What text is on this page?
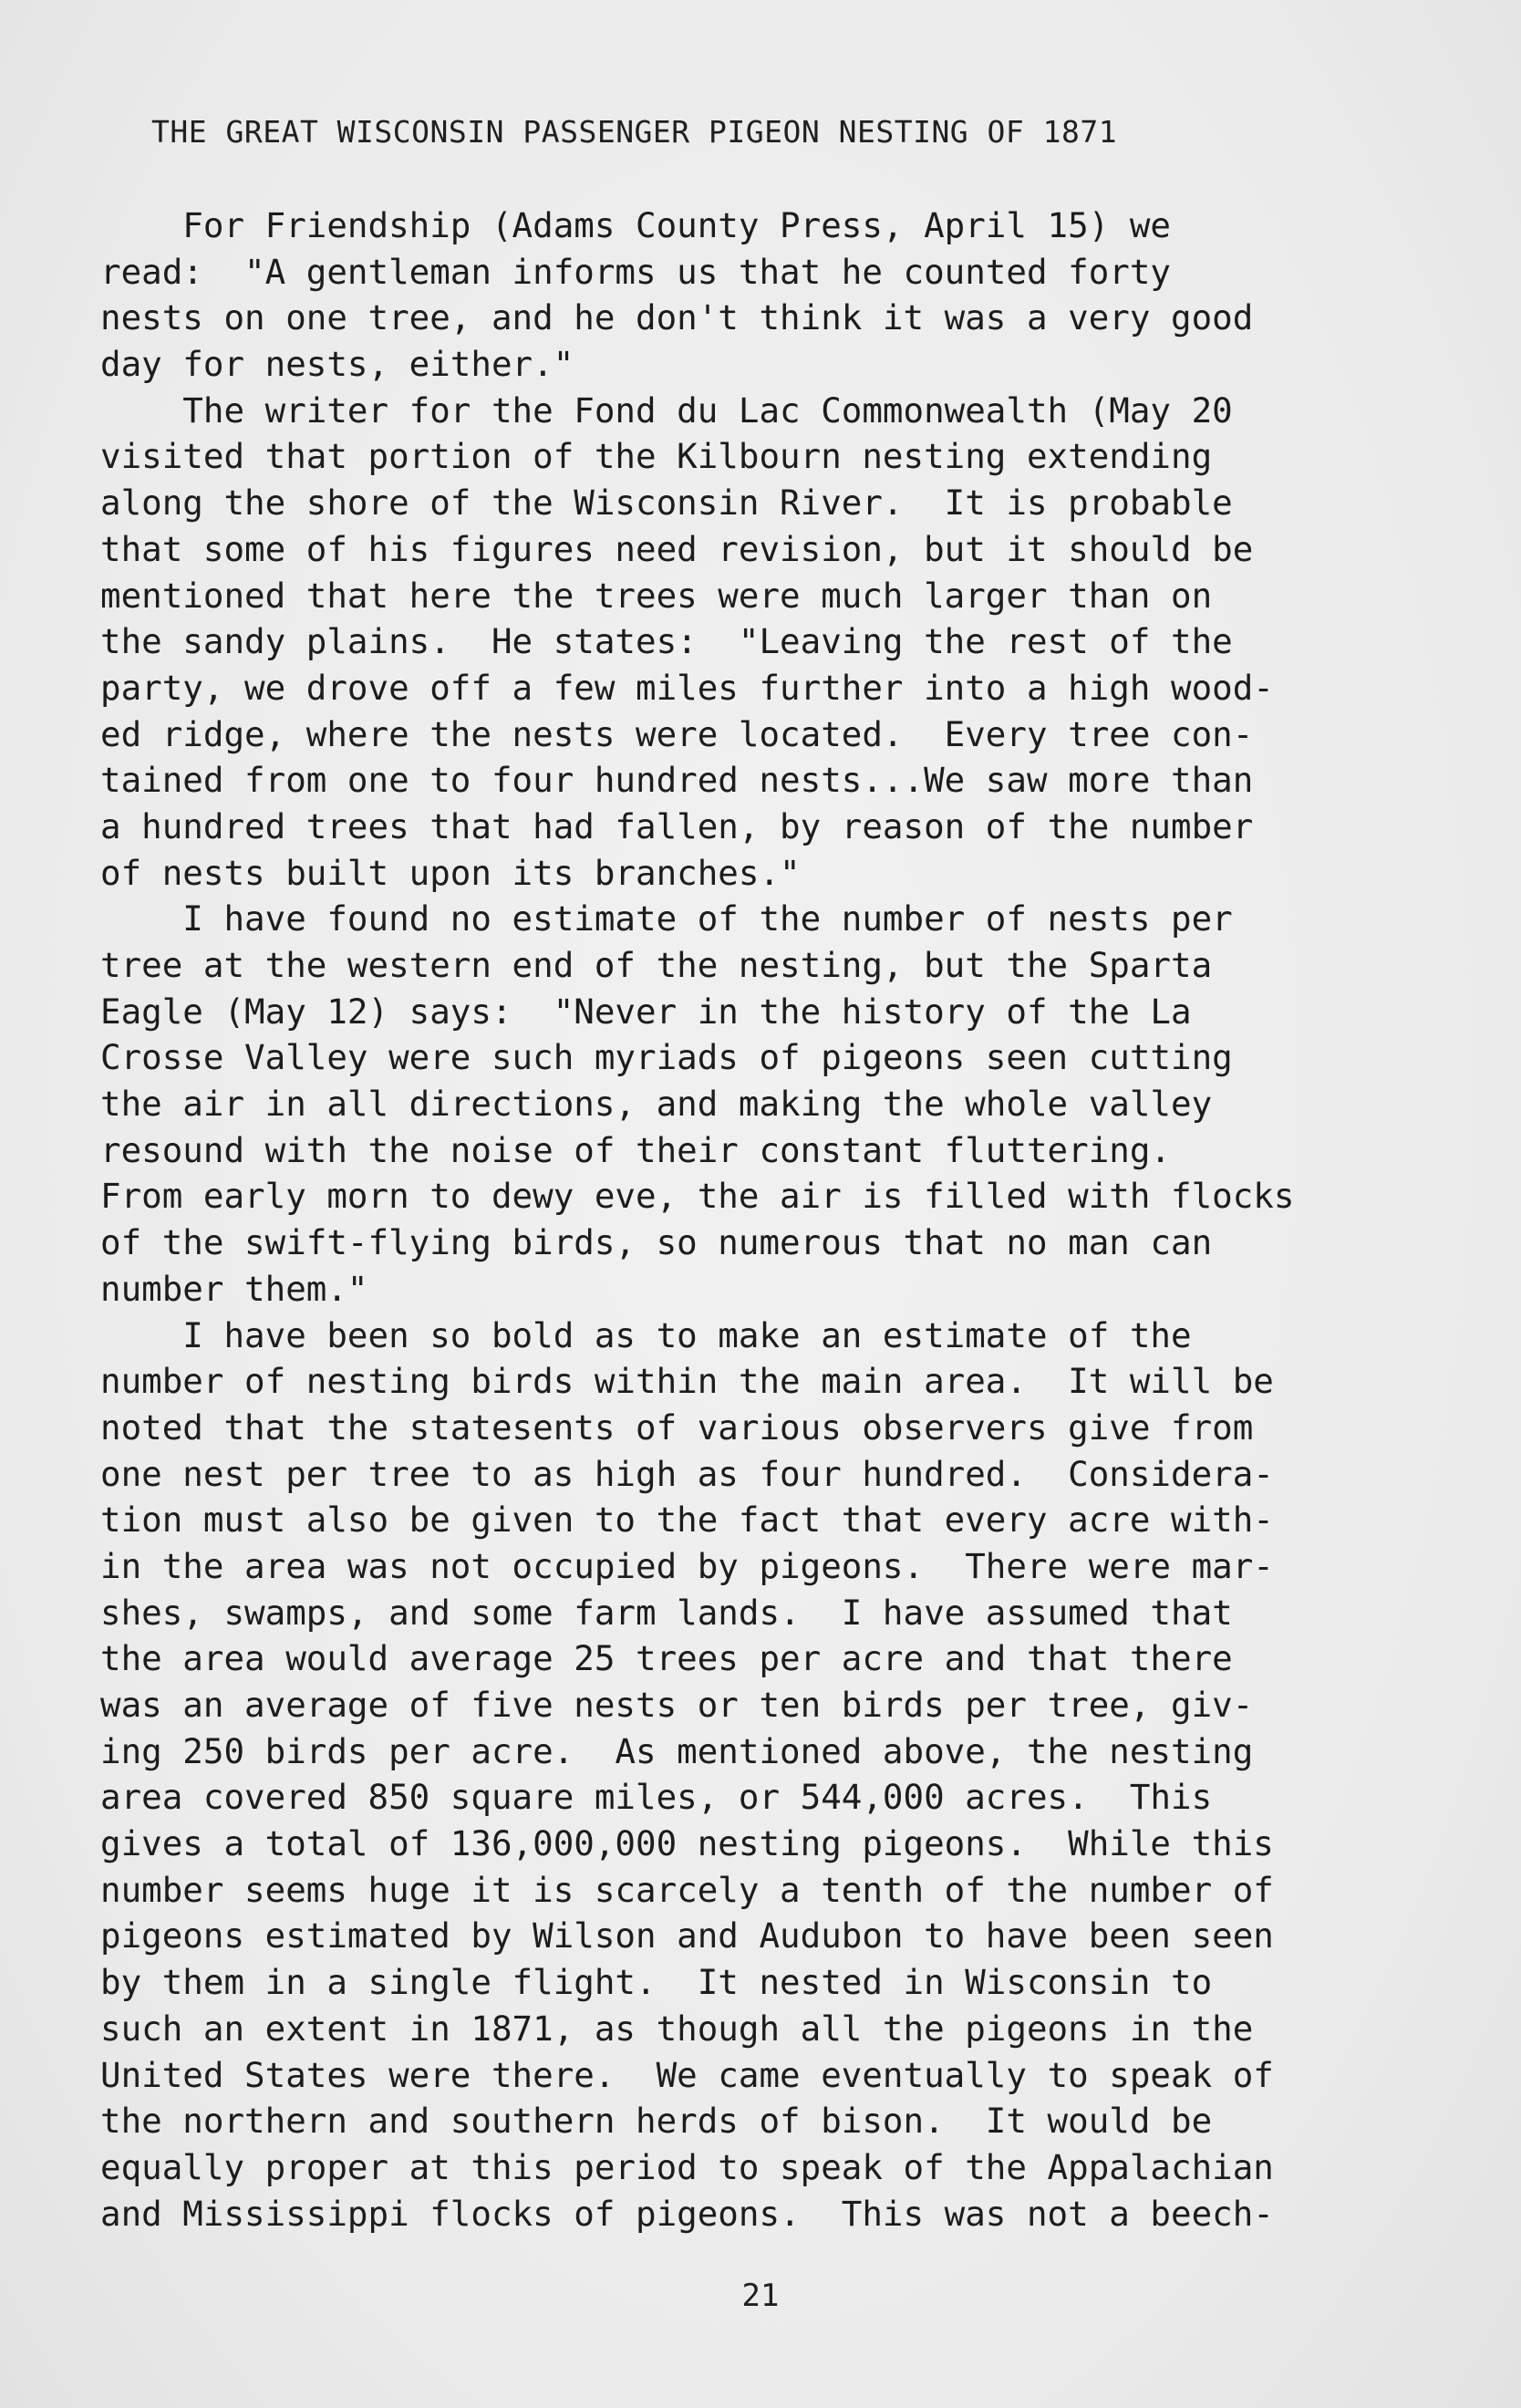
THE GREAT WISCONSIN PASSENGER PIGEON NESTING OF 1871
For Friendship (Adams County Press, April 15) we
read:  "A gentleman informs us that he counted forty
nests on one tree, and he don't think it was a very good
day for nests, either."
The writer for the Fond du Lac Commonwealth (May 20
visited that portion of the Kilbourn nesting extending
along the shore of the Wisconsin River.  It is probable
that some of his figures need revision, but it should be
mentioned that here the trees were much larger than on
the sandy plains.  He states:  "Leaving the rest of the
party, we drove off a few miles further into a high wood-
ed ridge, where the nests were located.  Every tree con-
tained from one to four hundred nests...We saw more than
a hundred trees that had fallen, by reason of the number
of nests built upon its branches."
I have found no estimate of the number of nests per
tree at the western end of the nesting, but the Sparta
Eagle (May 12) says:  "Never in the history of the La
Crosse Valley were such myriads of pigeons seen cutting
the air in all directions, and making the whole valley
resound with the noise of their constant fluttering.
From early morn to dewy eve, the air is filled with flocks
of the swift-flying birds, so numerous that no man can
number them."
I have been so bold as to make an estimate of the
number of nesting birds within the main area.  It will be
noted that the statesents of various observers give from
one nest per tree to as high as four hundred.  Considera-
tion must also be given to the fact that every acre with-
in the area was not occupied by pigeons.  There were mar-
shes, swamps, and some farm lands.  I have assumed that
the area would average 25 trees per acre and that there
was an average of five nests or ten birds per tree, giv-
ing 250 birds per acre.  As mentioned above, the nesting
area covered 850 square miles, or 544,000 acres.  This
gives a total of 136,000,000 nesting pigeons.  While this
number seems huge it is scarcely a tenth of the number of
pigeons estimated by Wilson and Audubon to have been seen
by them in a single flight.  It nested in Wisconsin to
such an extent in 1871, as though all the pigeons in the
United States were there.  We came eventually to speak of
the northern and southern herds of bison.  It would be
equally proper at this period to speak of the Appalachian
and Mississippi flocks of pigeons.  This was not a beech-
21
